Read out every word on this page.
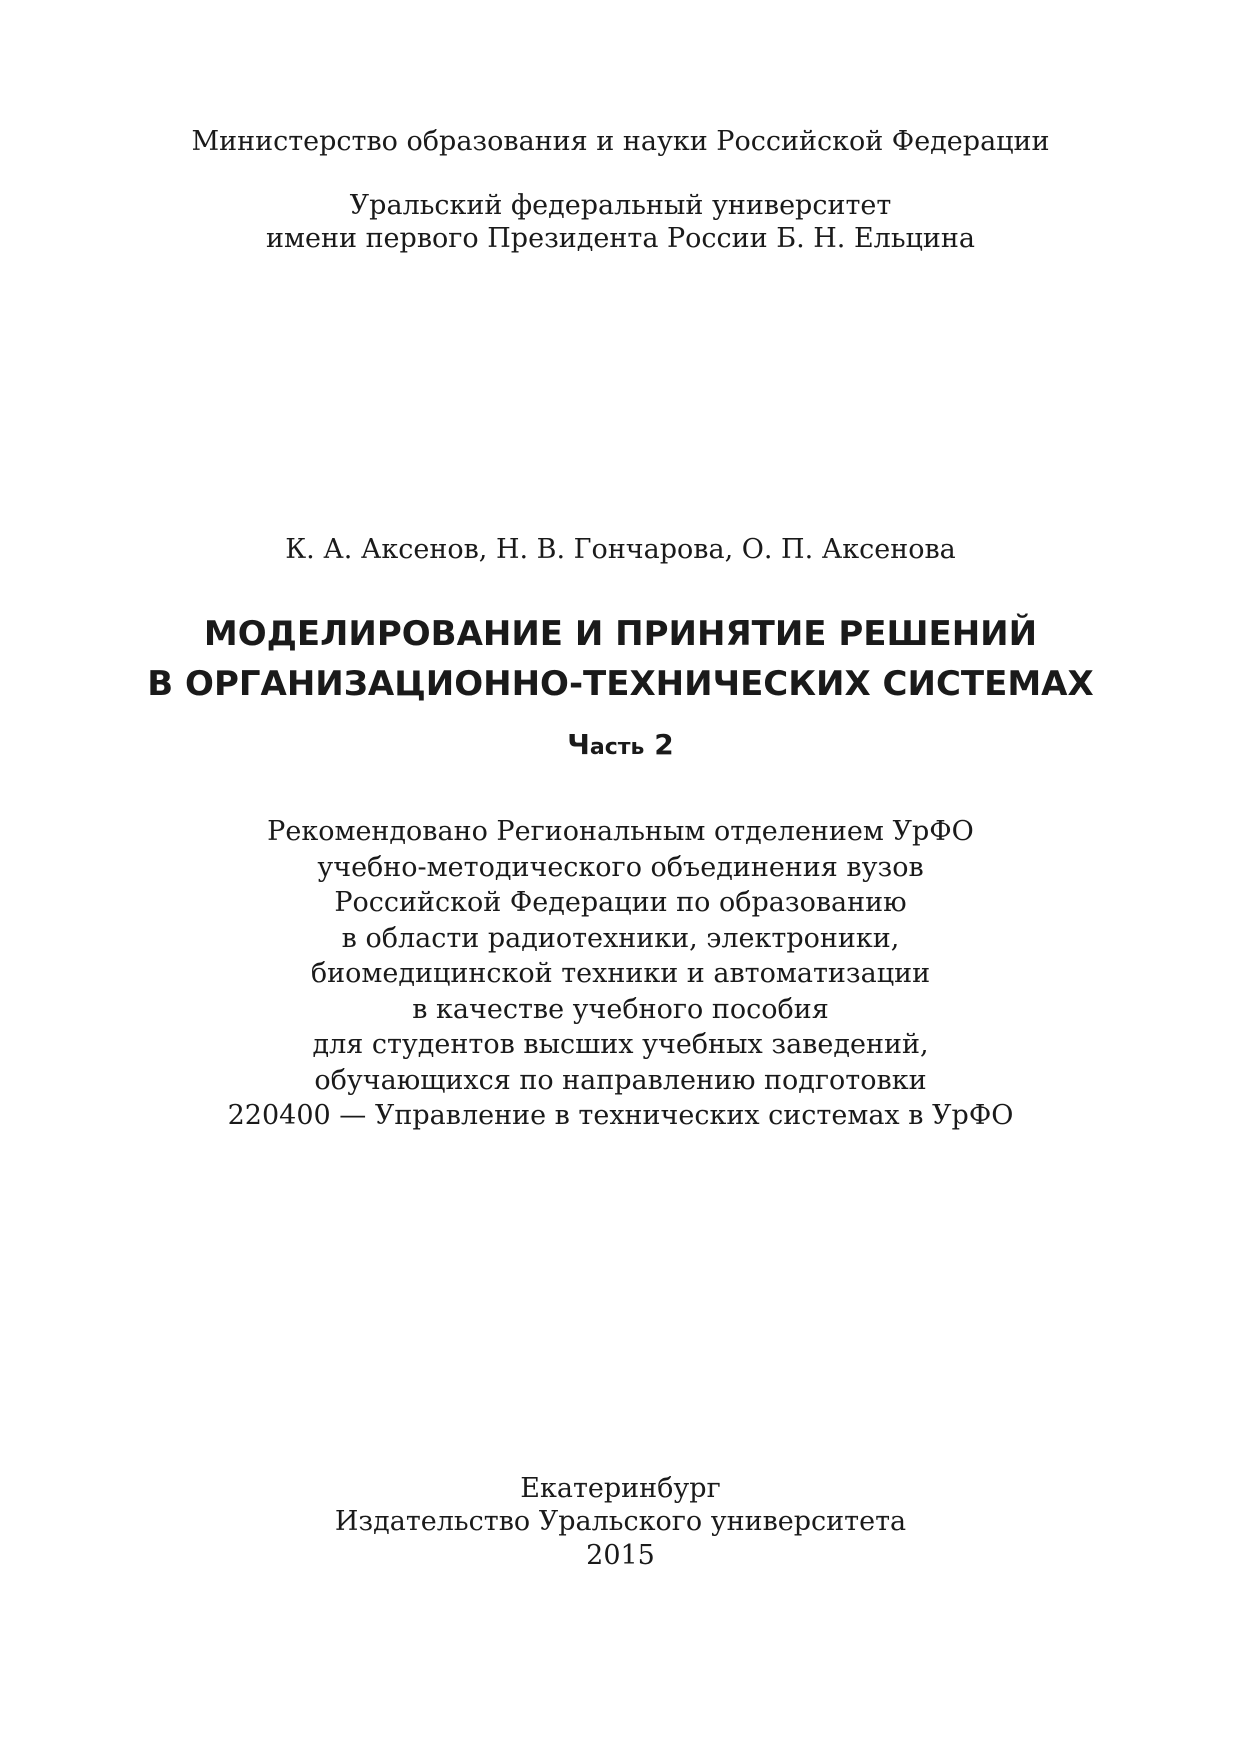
Министерство образования и науки Российской Федерации
Уральский федеральный университет
имени первого Президента России Б. Н. Ельцина
К. А. Аксенов, Н. В. Гончарова, О. П. Аксенова
МОДЕЛИРОВАНИЕ И ПРИНЯТИЕ РЕШЕНИЙ
В ОРГАНИЗАЦИОННО-ТЕХНИЧЕСКИХ СИСТЕМАХ
Часть 2
Рекомендовано Региональным отделением УрФО
учебно-методического объединения вузов
Российской Федерации по образованию
в области радиотехники, электроники,
биомедицинской техники и автоматизации
в качестве учебного пособия
для студентов высших учебных заведений,
обучающихся по направлению подготовки
220400 — Управление в технических системах в УрФО
Екатеринбург
Издательство Уральского университета
2015
